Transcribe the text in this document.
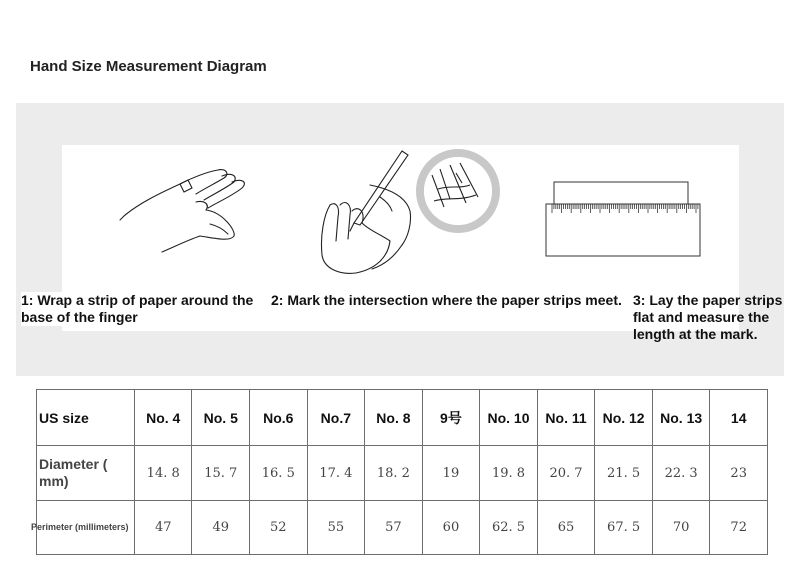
Hand Size Measurement Diagram
1: Wrap a strip of paper around the base of the finger
2: Mark the intersection where the paper strips meet. 3: Lay the paper strips flat and measure the length at the mark.
US size	No. 4	No. 5	No.6	No.7	No. 8	9号	No. 10	No. 11	No. 12	No. 13	14
Diameter ( mm)	14. 8	15. 7	16. 5	17. 4	18. 2	19	19. 8	20. 7	21. 5	22. 3	23

Perimeter (millimeters)	47	49	52	55	57	60	62. 5	65	67. 5	70	72
